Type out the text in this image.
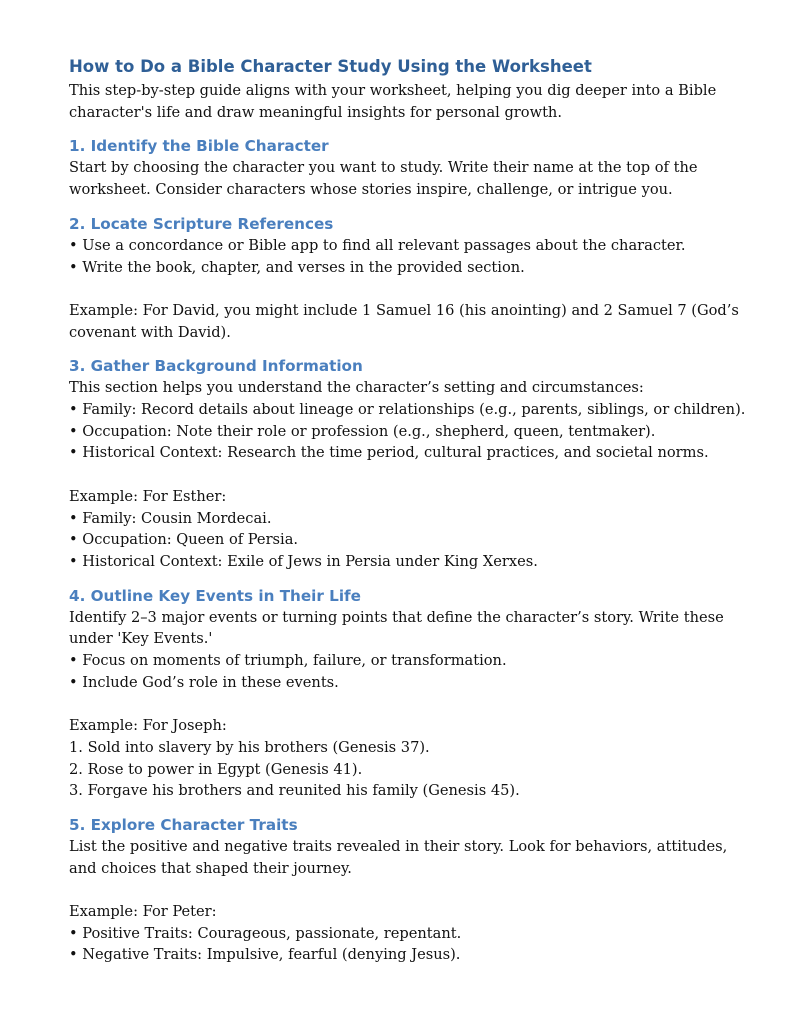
How to Do a Bible Character Study Using the Worksheet
This step-by-step guide aligns with your worksheet, helping you dig deeper into a Bible
character's life and draw meaningful insights for personal growth.
1. Identify the Bible Character
Start by choosing the character you want to study. Write their name at the top of the
worksheet. Consider characters whose stories inspire, challenge, or intrigue you.
2. Locate Scripture References
• Use a concordance or Bible app to find all relevant passages about the character.
• Write the book, chapter, and verses in the provided section.
Example: For David, you might include 1 Samuel 16 (his anointing) and 2 Samuel 7 (God’s
covenant with David).
3. Gather Background Information
This section helps you understand the character’s setting and circumstances:
• Family: Record details about lineage or relationships (e.g., parents, siblings, or children).
• Occupation: Note their role or profession (e.g., shepherd, queen, tentmaker).
• Historical Context: Research the time period, cultural practices, and societal norms.
Example: For Esther:
• Family: Cousin Mordecai.
• Occupation: Queen of Persia.
• Historical Context: Exile of Jews in Persia under King Xerxes.
4. Outline Key Events in Their Life
Identify 2–3 major events or turning points that define the character’s story. Write these
under 'Key Events.'
• Focus on moments of triumph, failure, or transformation.
• Include God’s role in these events.
Example: For Joseph:
1. Sold into slavery by his brothers (Genesis 37).
2. Rose to power in Egypt (Genesis 41).
3. Forgave his brothers and reunited his family (Genesis 45).
5. Explore Character Traits
List the positive and negative traits revealed in their story. Look for behaviors, attitudes,
and choices that shaped their journey.
Example: For Peter:
• Positive Traits: Courageous, passionate, repentant.
• Negative Traits: Impulsive, fearful (denying Jesus).
